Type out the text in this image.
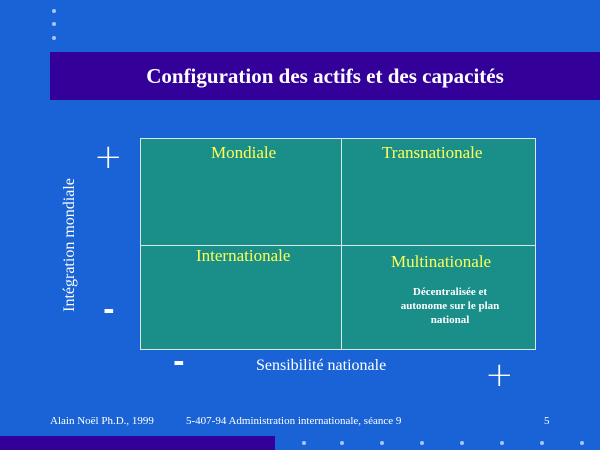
Configuration des actifs et des capacités
Intégration mondiale
+
-
Mondiale	Transnationale
Internationale	Multinationale
Décentralisée et
autonome sur le plan
national
-	Sensibilité nationale	+
Alain Noël Ph.D., 1999	5-407-94 Administration internationale, séance 9	5
